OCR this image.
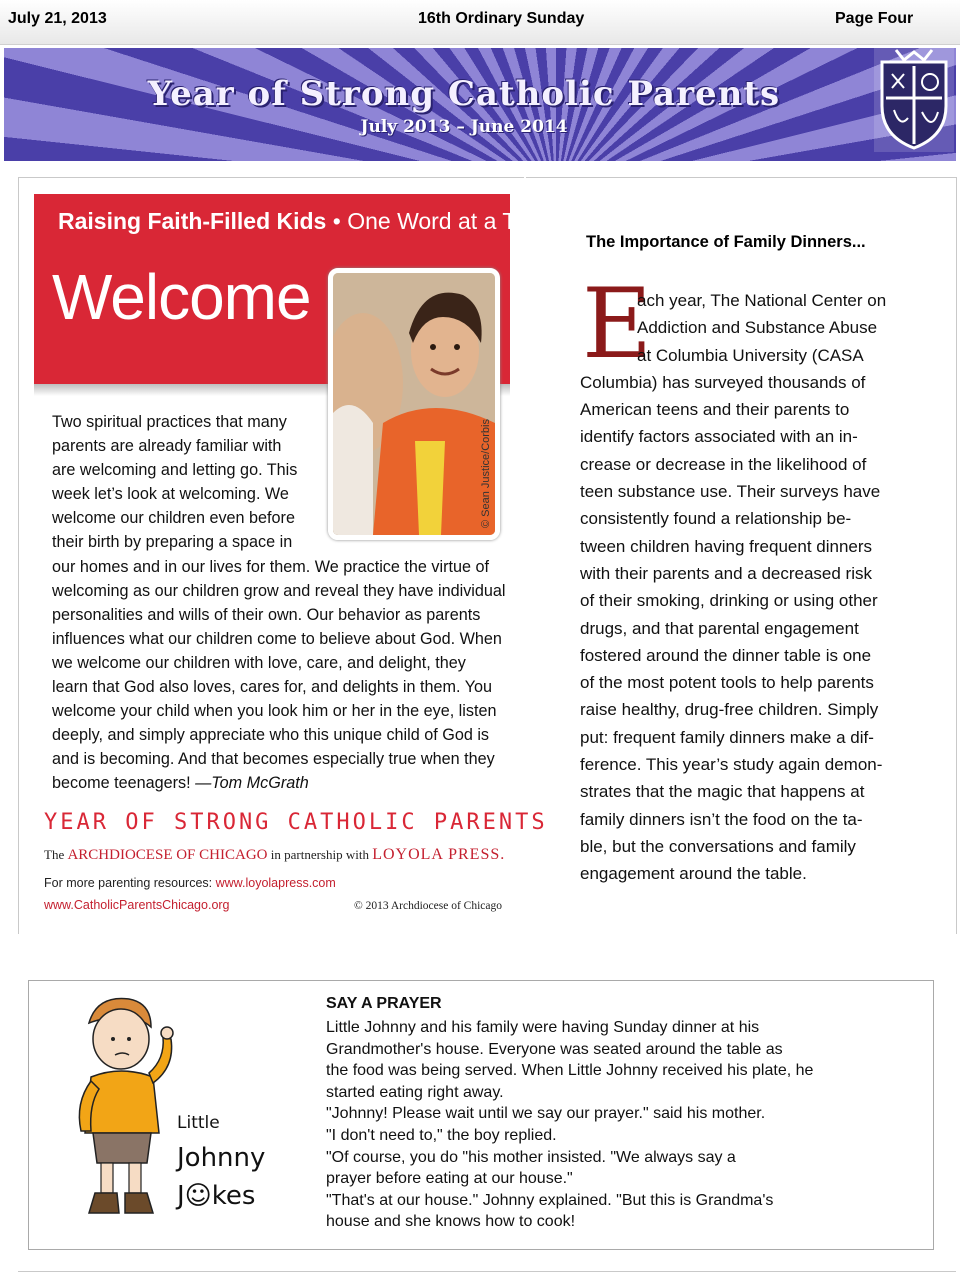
July 21, 2013	16th Ordinary Sunday	Page Four
Year of Strong Catholic Parents
July 2013 – June 2014
Raising Faith-Filled Kids • One Word at a Time
Welcome
© Sean Justice/Corbis

Two spiritual practices that many
parents are already familiar with
are welcoming and letting go. This
week let’s look at welcoming. We
welcome our children even before
their birth by preparing a space in
our homes and in our lives for them. We practice the virtue of
welcoming as our children grow and reveal they have individual
personalities and wills of their own. Our behavior as parents
influences what our children come to believe about God. When
we welcome our children with love, care, and delight, they
learn that God also loves, cares for, and delights in them. You
welcome your child when you look him or her in the eye, listen
deeply, and simply appreciate who this unique child of God is
and is becoming. And that becomes especially true when they
become teenagers! —Tom McGrath

YEAR OF STRONG CATHOLIC PARENTS
The ARCHDIOCESE OF CHICAGO in partnership with LOYOLA PRESS.
For more parenting resources: www.loyolapress.com
www.CatholicParentsChicago.org	© 2013 Archdiocese of Chicago
The Importance of Family Dinners...
E
ach year, The National Center on
Addiction and Substance Abuse
at Columbia University (CASA
Columbia) has surveyed thousands of
American teens and their parents to
identify factors associated with an in-
crease or decrease in the likelihood of
teen substance use. Their surveys have
consistently found a relationship be-
tween children having frequent dinners
with their parents and a decreased risk
of their smoking, drinking or using other
drugs, and that parental engagement
fostered around the dinner table is one
of the most potent tools to help parents
raise healthy, drug-free children. Simply
put: frequent family dinners make a dif-
ference. This year’s study again demon-
strates that the magic that happens at
family dinners isn’t the food on the ta-
ble, but the conversations and family
engagement around the table.
Little
Johnny
J☺kes
SAY A PRAYER
Little Johnny and his family were having Sunday dinner at his
Grandmother's house. Everyone was seated around the table as
the food was being served. When Little Johnny received his plate, he
started eating right away.
"Johnny! Please wait until we say our prayer." said his mother.
"I don't need to," the boy replied.
"Of course, you do "his mother insisted. "We always say a
prayer before eating at our house."
"That's at our house." Johnny explained. "But this is Grandma's
house and she knows how to cook!
